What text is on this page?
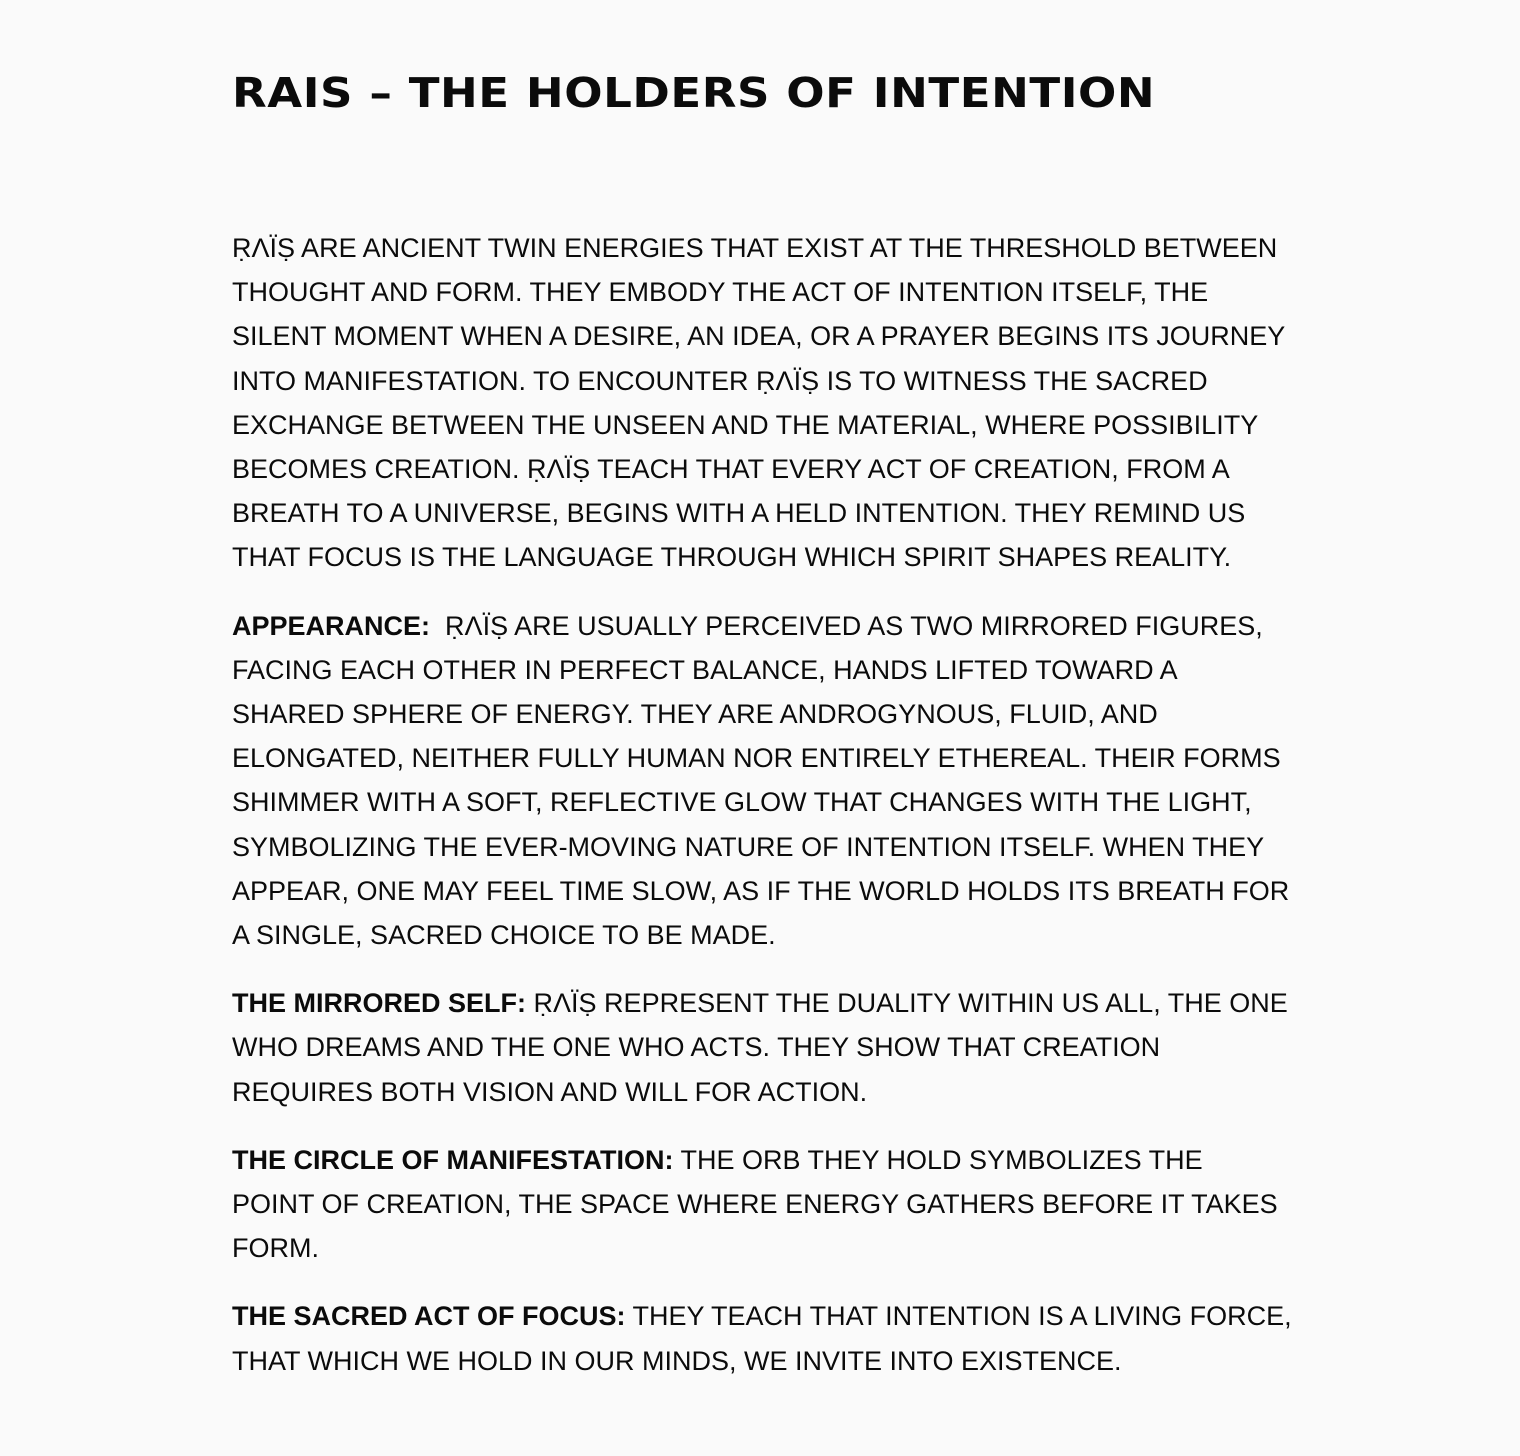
RAIS – THE HOLDERS OF INTENTION

ṚΛÏṢ ARE ANCIENT TWIN ENERGIES THAT EXIST AT THE THRESHOLD BETWEEN THOUGHT AND FORM. THEY EMBODY THE ACT OF INTENTION ITSELF, THE SILENT MOMENT WHEN A DESIRE, AN IDEA, OR A PRAYER BEGINS ITS JOURNEY INTO MANIFESTATION. TO ENCOUNTER ṚΛÏṢ IS TO WITNESS THE SACRED EXCHANGE BETWEEN THE UNSEEN AND THE MATERIAL, WHERE POSSIBILITY BECOMES CREATION. ṚΛÏṢ TEACH THAT EVERY ACT OF CREATION, FROM A BREATH TO A UNIVERSE, BEGINS WITH A HELD INTENTION. THEY REMIND US THAT FOCUS IS THE LANGUAGE THROUGH WHICH SPIRIT SHAPES REALITY.

APPEARANCE: ṚΛÏṢ ARE USUALLY PERCEIVED AS TWO MIRRORED FIGURES, FACING EACH OTHER IN PERFECT BALANCE, HANDS LIFTED TOWARD A SHARED SPHERE OF ENERGY. THEY ARE ANDROGYNOUS, FLUID, AND ELONGATED, NEITHER FULLY HUMAN NOR ENTIRELY ETHEREAL. THEIR FORMS SHIMMER WITH A SOFT, REFLECTIVE GLOW THAT CHANGES WITH THE LIGHT, SYMBOLIZING THE EVER-MOVING NATURE OF INTENTION ITSELF. WHEN THEY APPEAR, ONE MAY FEEL TIME SLOW, AS IF THE WORLD HOLDS ITS BREATH FOR A SINGLE, SACRED CHOICE TO BE MADE.

THE MIRRORED SELF: ṚΛÏṢ REPRESENT THE DUALITY WITHIN US ALL, THE ONE WHO DREAMS AND THE ONE WHO ACTS. THEY SHOW THAT CREATION REQUIRES BOTH VISION AND WILL FOR ACTION.

THE CIRCLE OF MANIFESTATION: THE ORB THEY HOLD SYMBOLIZES THE POINT OF CREATION, THE SPACE WHERE ENERGY GATHERS BEFORE IT TAKES FORM.

THE SACRED ACT OF FOCUS: THEY TEACH THAT INTENTION IS A LIVING FORCE, THAT WHICH WE HOLD IN OUR MINDS, WE INVITE INTO EXISTENCE.
